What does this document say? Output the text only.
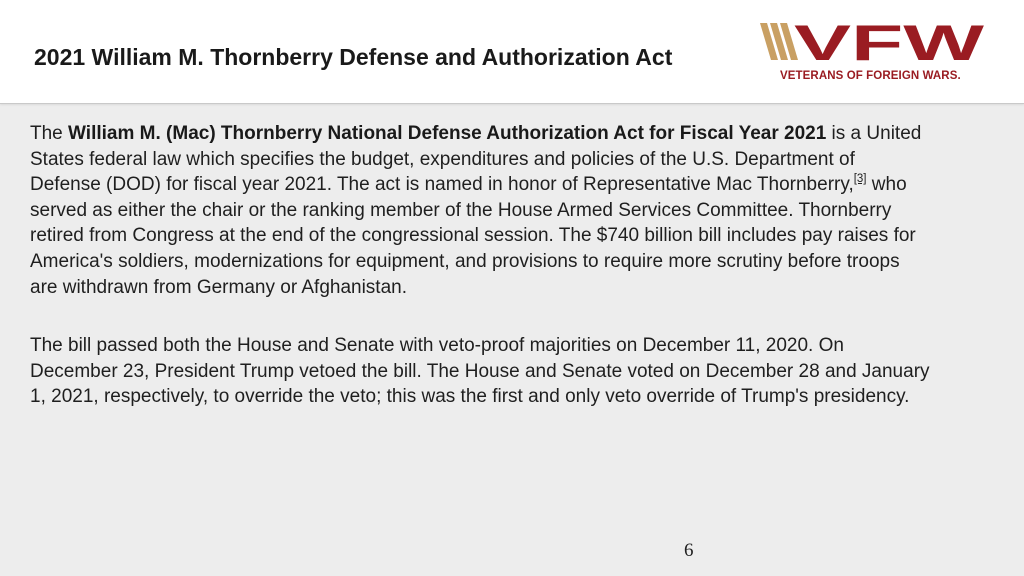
2021 William M. Thornberry Defense and Authorization Act VFW
VETERANS OF FOREIGN WARS.

The William M. (Mac) Thornberry National Defense Authorization Act for Fiscal Year 2021 is a United States federal law which specifies the budget, expenditures and policies of the U.S. Department of Defense (DOD) for fiscal year 2021. The act is named in honor of Representative Mac Thornberry,[3] who served as either the chair or the ranking member of the House Armed Services Committee. Thornberry retired from Congress at the end of the congressional session. The $740 billion bill includes pay raises for America's soldiers, modernizations for equipment, and provisions to require more scrutiny before troops are withdrawn from Germany or Afghanistan.

The bill passed both the House and Senate with veto-proof majorities on December 11, 2020. On December 23, President Trump vetoed the bill. The House and Senate voted on December 28 and January 1, 2021, respectively, to override the veto; this was the first and only veto override of Trump's presidency.

6
